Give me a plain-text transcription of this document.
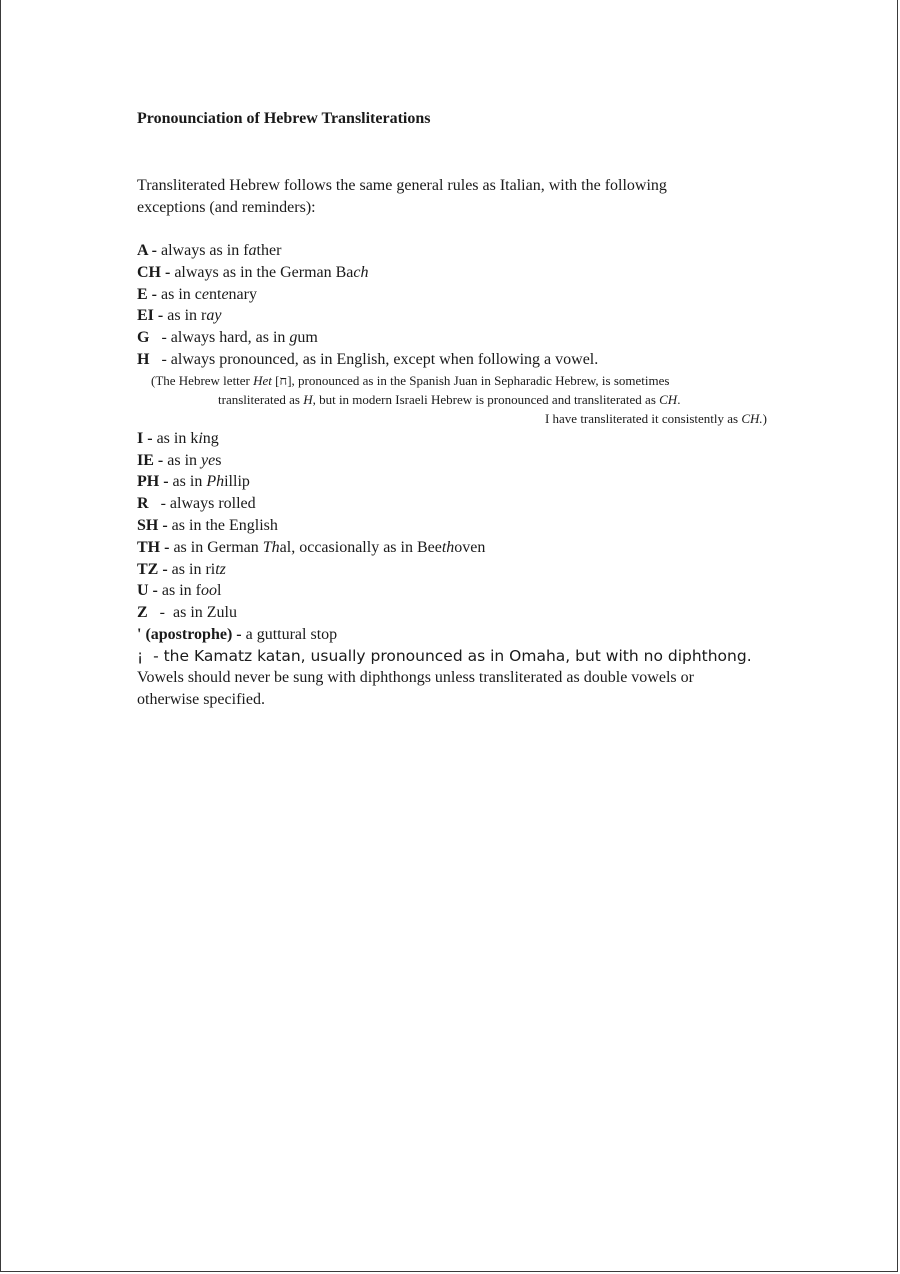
Pronounciation of Hebrew Transliterations
Transliterated Hebrew follows the same general rules as Italian, with the following
exceptions (and reminders):
A - always as in father
CH - always as in the German Bach
E - as in centenary
EI - as in ray
G   - always hard, as in gum
H   - always pronounced, as in English, except when following a vowel.
(The Hebrew letter Het [ח], pronounced as in the Spanish Juan in Sepharadic Hebrew, is sometimes
transliterated as H, but in modern Israeli Hebrew is pronounced and transliterated as CH.
I have transliterated it consistently as CH.)
I - as in king
IE - as in yes
PH - as in Phillip
R   - always rolled
SH - as in the English
TH - as in German Thal, occasionally as in Beethoven
TZ - as in ritz
U - as in fool
Z   -  as in Zulu
' (apostrophe) - a guttural stop
¡  - the Kamatz katan, usually pronounced as in Omaha, but with no diphthong.
Vowels should never be sung with diphthongs unless transliterated as double vowels or
otherwise specified.
